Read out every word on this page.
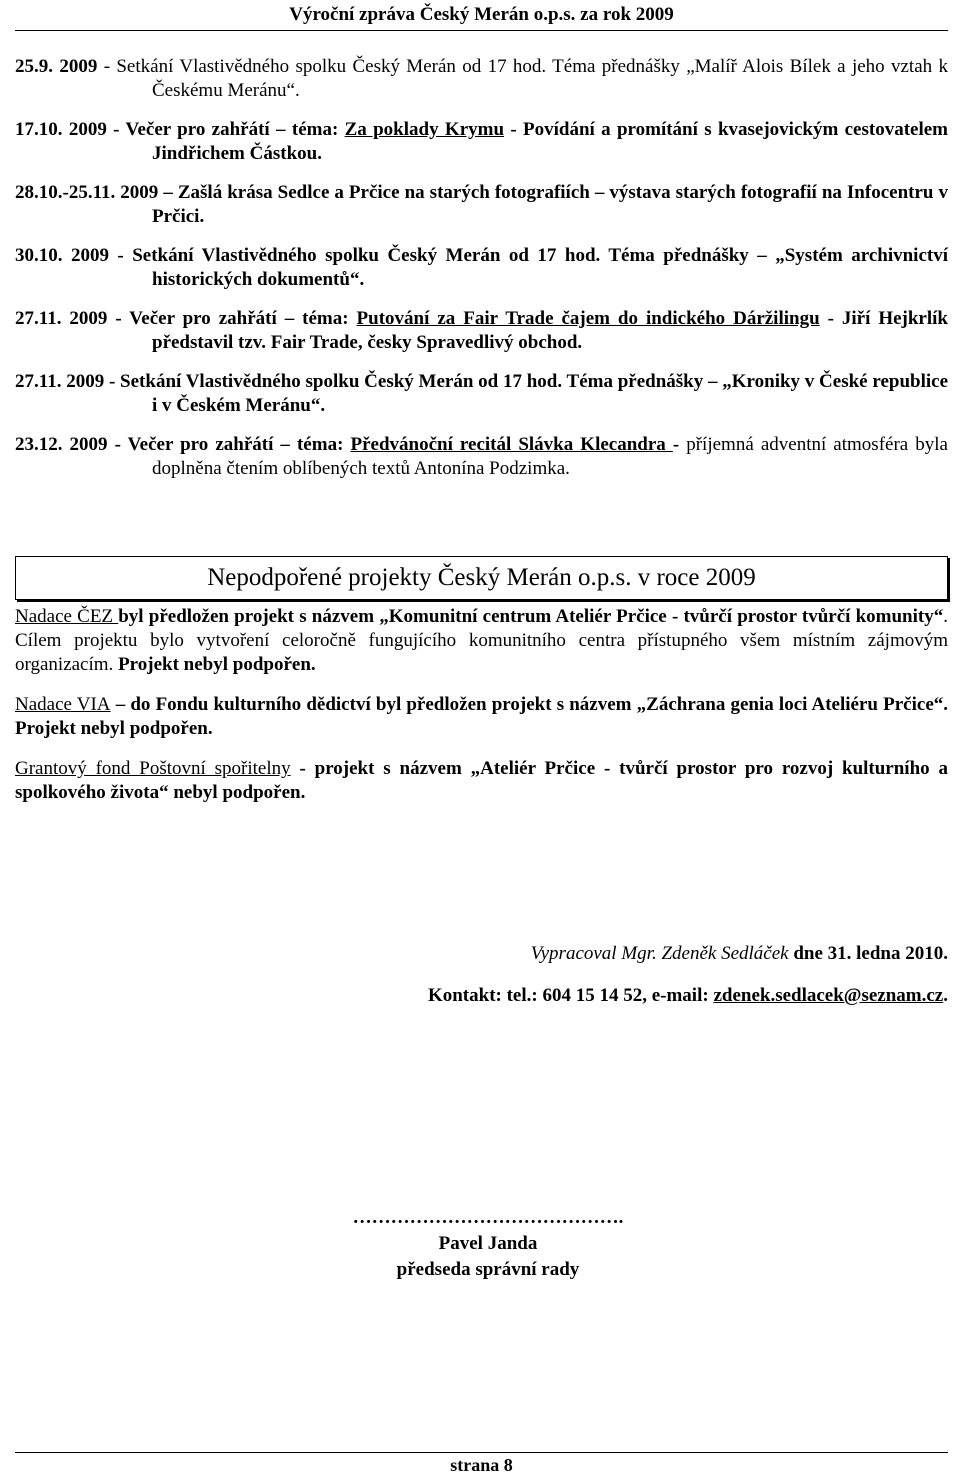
Výroční zpráva Český Merán o.p.s. za rok 2009
25.9. 2009 - Setkání Vlastivědného spolku Český Merán od 17 hod. Téma přednášky „Malíř Alois Bílek a jeho vztah k Českému Meránu“.
17.10. 2009 - Večer pro zahřátí – téma: Za poklady Krymu - Povídání a promítání s kvasejovickým cestovatelem Jindřichem Částkou.
28.10.-25.11. 2009 – Zašlá krása Sedlce a Prčice na starých fotografiích – výstava starých fotografií na Infocentru v Prčici.
30.10. 2009 - Setkání Vlastivědného spolku Český Merán od 17 hod. Téma přednášky – „Systém archivnictví historických dokumentů“.
27.11. 2009 - Večer pro zahřátí – téma: Putování za Fair Trade čajem do indického Dáržilingu - Jiří Hejkrlík představil tzv. Fair Trade, česky Spravedlivý obchod.
27.11. 2009 - Setkání Vlastivědného spolku Český Merán od 17 hod. Téma přednášky – „Kroniky v České republice i v Českém Meránu“.
23.12. 2009 - Večer pro zahřátí – téma: Předvánoční recitál Slávka Klecandra - příjemná adventní atmosféra byla doplněna čtením oblíbených textů Antonína Podzimka.
Nepodpořené projekty Český Merán o.p.s. v roce 2009

Nadace ČEZ byl předložen projekt s názvem „Komunitní centrum Ateliér Prčice - tvůrčí prostor tvůrčí komunity“. Cílem projektu bylo vytvoření celoročně fungujícího komunitního centra přístupného všem místním zájmovým organizacím. Projekt nebyl podpořen.

Nadace VIA – do Fondu kulturního dědictví byl předložen projekt s názvem „Záchrana genia loci Ateliéru Prčice“. Projekt nebyl podpořen.

Grantový fond Poštovní spořitelny - projekt s názvem „Ateliér Prčice - tvůrčí prostor pro rozvoj kulturního a spolkového života“ nebyl podpořen.

Vypracoval Mgr. Zdeněk Sedláček dne 31. ledna 2010.
Kontakt: tel.: 604 15 14 52, e-mail: zdenek.sedlacek@seznam.cz.
…………………………………….
Pavel Janda
předseda správní rady
strana 8
